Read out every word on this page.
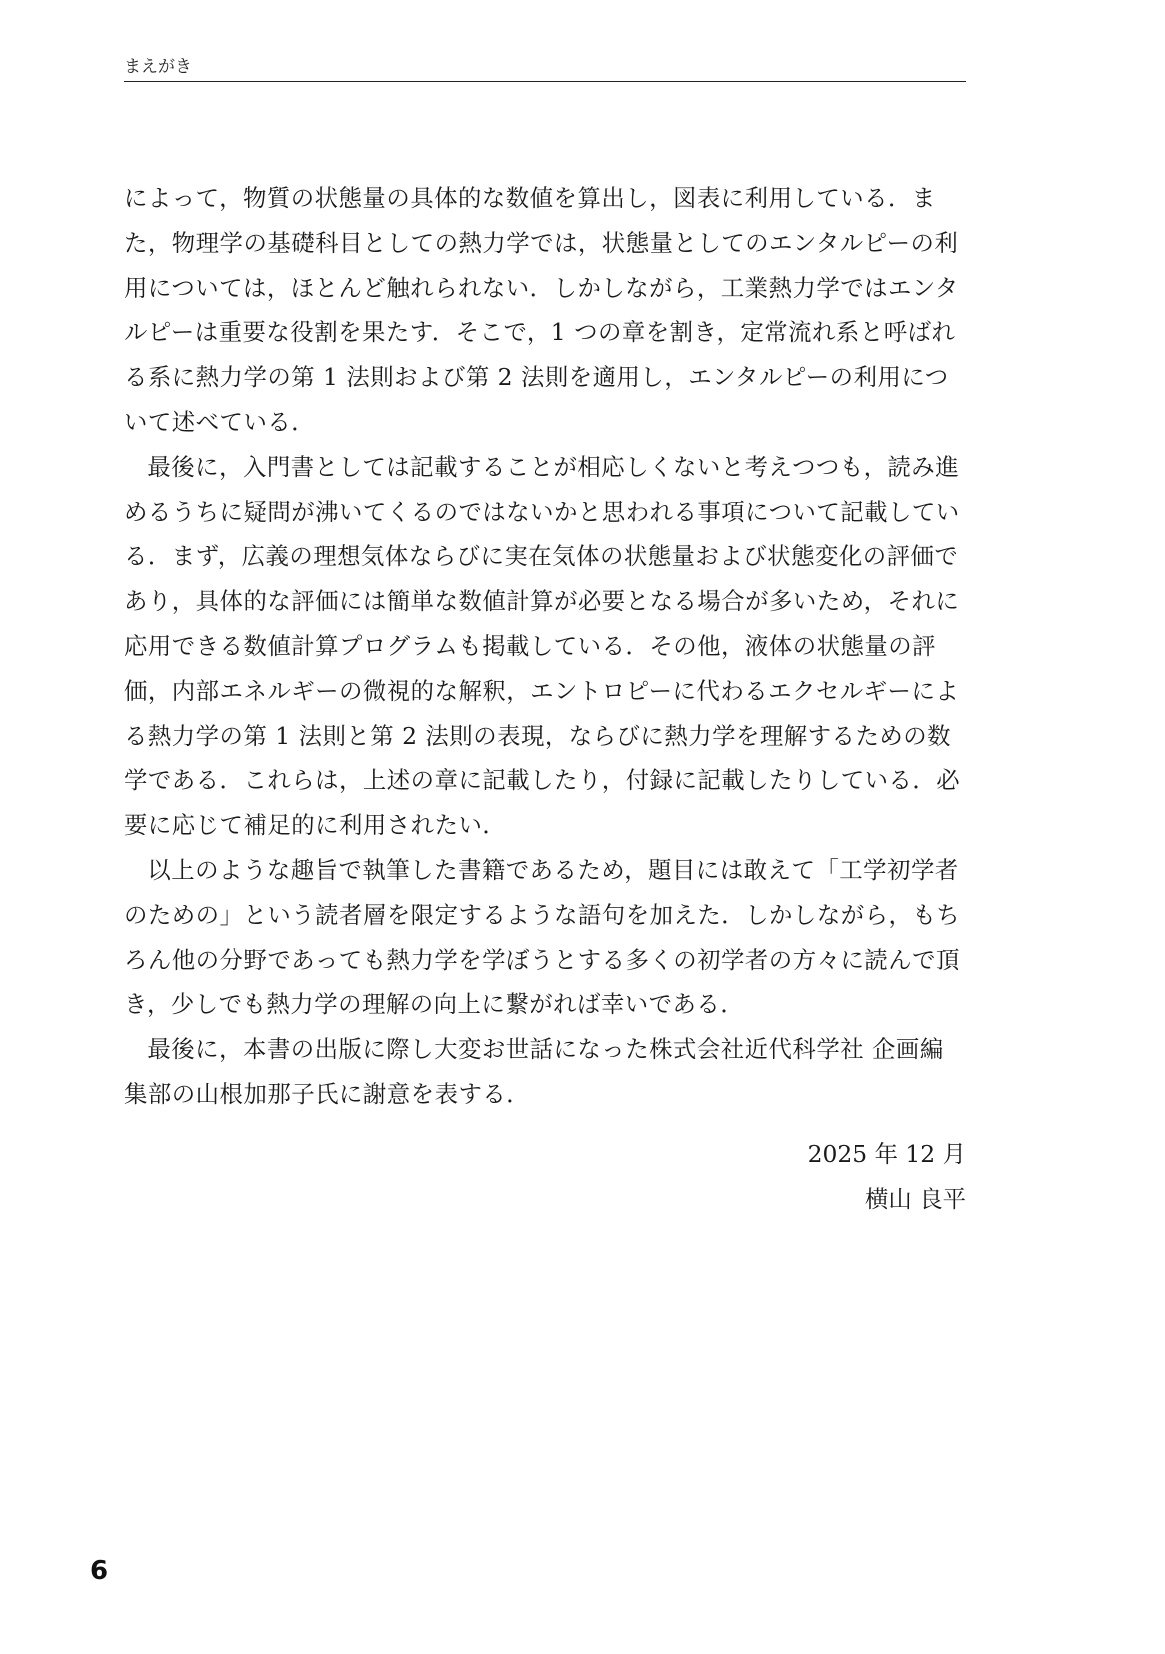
まえがき

によって，物質の状態量の具体的な数値を算出し，図表に利用している．また，物理学の基礎科目としての熱力学では，状態量としてのエンタルピーの利用については，ほとんど触れられない．しかしながら，工業熱力学ではエンタルピーは重要な役割を果たす．そこで，1 つの章を割き，定常流れ系と呼ばれる系に熱力学の第 1 法則および第 2 法則を適用し，エンタルピーの利用について述べている．

最後に，入門書としては記載することが相応しくないと考えつつも，読み進めるうちに疑問が沸いてくるのではないかと思われる事項について記載している．まず，広義の理想気体ならびに実在気体の状態量および状態変化の評価であり，具体的な評価には簡単な数値計算が必要となる場合が多いため，それに応用できる数値計算プログラムも掲載している．その他，液体の状態量の評価，内部エネルギーの微視的な解釈，エントロピーに代わるエクセルギーによる熱力学の第 1 法則と第 2 法則の表現，ならびに熱力学を理解するための数学である．これらは，上述の章に記載したり，付録に記載したりしている．必要に応じて補足的に利用されたい．

以上のような趣旨で執筆した書籍であるため，題目には敢えて「工学初学者のための」という読者層を限定するような語句を加えた．しかしながら，もちろん他の分野であっても熱力学を学ぼうとする多くの初学者の方々に読んで頂き，少しでも熱力学の理解の向上に繋がれば幸いである．

最後に，本書の出版に際し大変お世話になった株式会社近代科学社 企画編集部の山根加那子氏に謝意を表する．

2025 年 12 月
横山 良平
6
